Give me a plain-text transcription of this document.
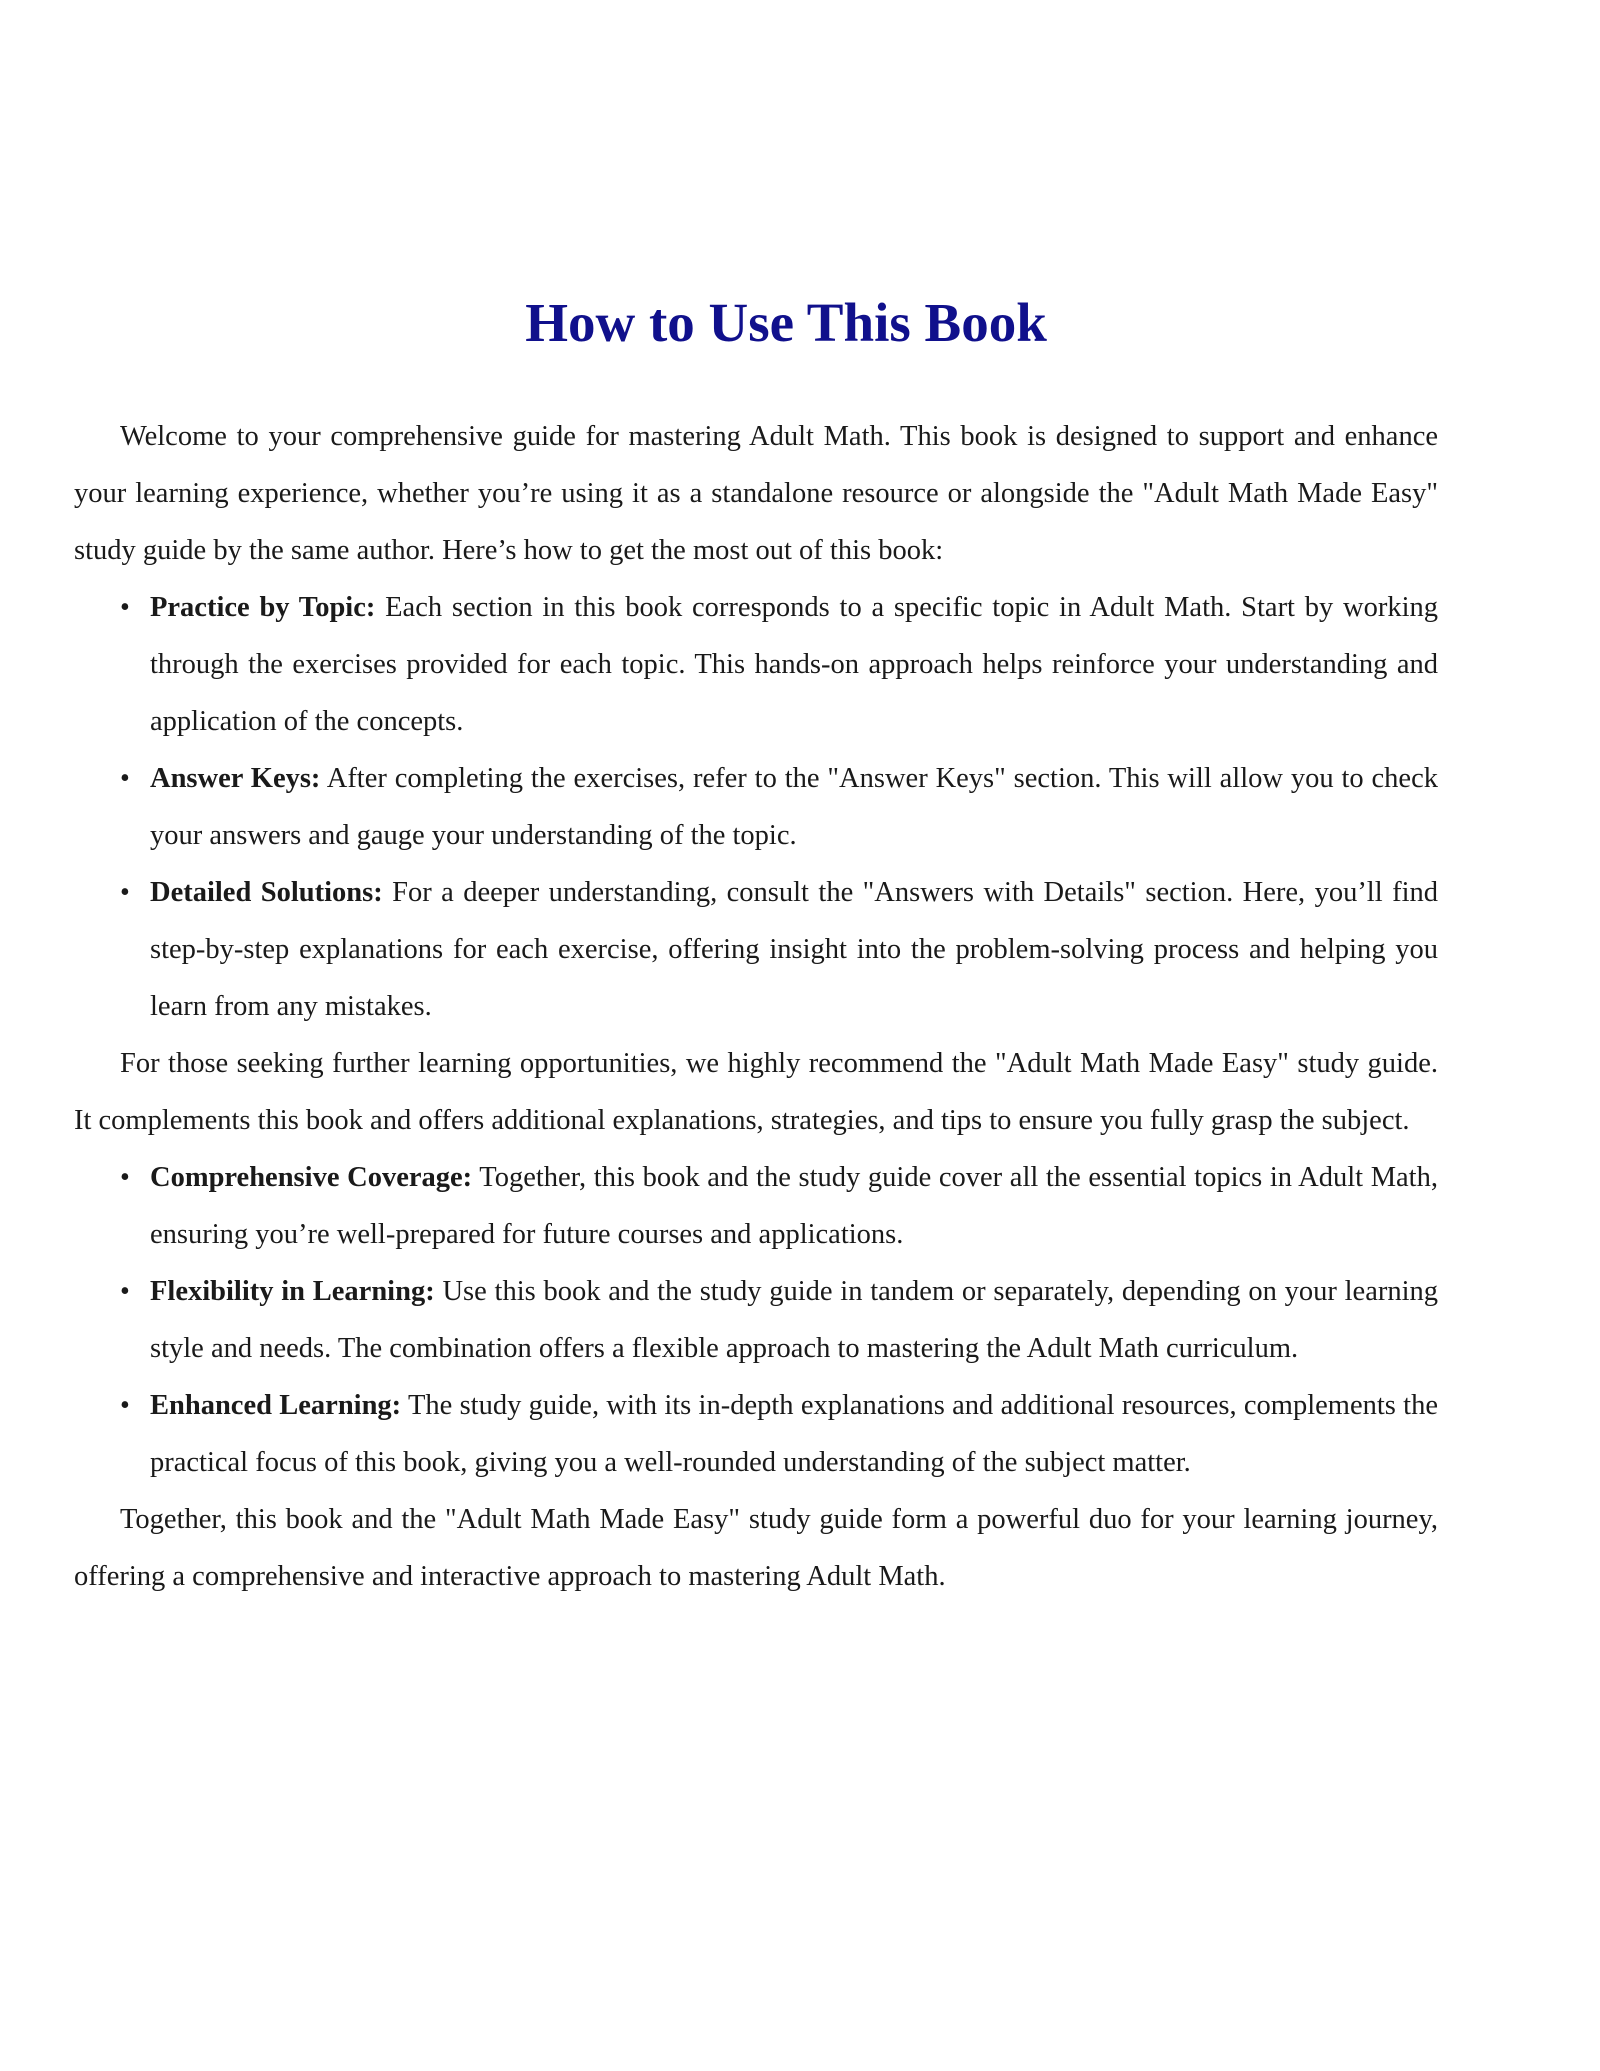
How to Use This Book

Welcome to your comprehensive guide for mastering Adult Math. This book is designed to support and enhance your learning experience, whether you’re using it as a standalone resource or alongside the "Adult Math Made Easy" study guide by the same author. Here’s how to get the most out of this book:

• Practice by Topic: Each section in this book corresponds to a specific topic in Adult Math. Start by working through the exercises provided for each topic. This hands-on approach helps reinforce your understanding and application of the concepts.
• Answer Keys: After completing the exercises, refer to the "Answer Keys" section. This will allow you to check your answers and gauge your understanding of the topic.
• Detailed Solutions: For a deeper understanding, consult the "Answers with Details" section. Here, you’ll find step-by-step explanations for each exercise, offering insight into the problem-solving process and helping you learn from any mistakes.

For those seeking further learning opportunities, we highly recommend the "Adult Math Made Easy" study guide. It complements this book and offers additional explanations, strategies, and tips to ensure you fully grasp the subject.

• Comprehensive Coverage: Together, this book and the study guide cover all the essential topics in Adult Math, ensuring you’re well-prepared for future courses and applications.
• Flexibility in Learning: Use this book and the study guide in tandem or separately, depending on your learning style and needs. The combination offers a flexible approach to mastering the Adult Math curriculum.
• Enhanced Learning: The study guide, with its in-depth explanations and additional resources, complements the practical focus of this book, giving you a well-rounded understanding of the subject matter.

Together, this book and the "Adult Math Made Easy" study guide form a powerful duo for your learning journey, offering a comprehensive and interactive approach to mastering Adult Math.
